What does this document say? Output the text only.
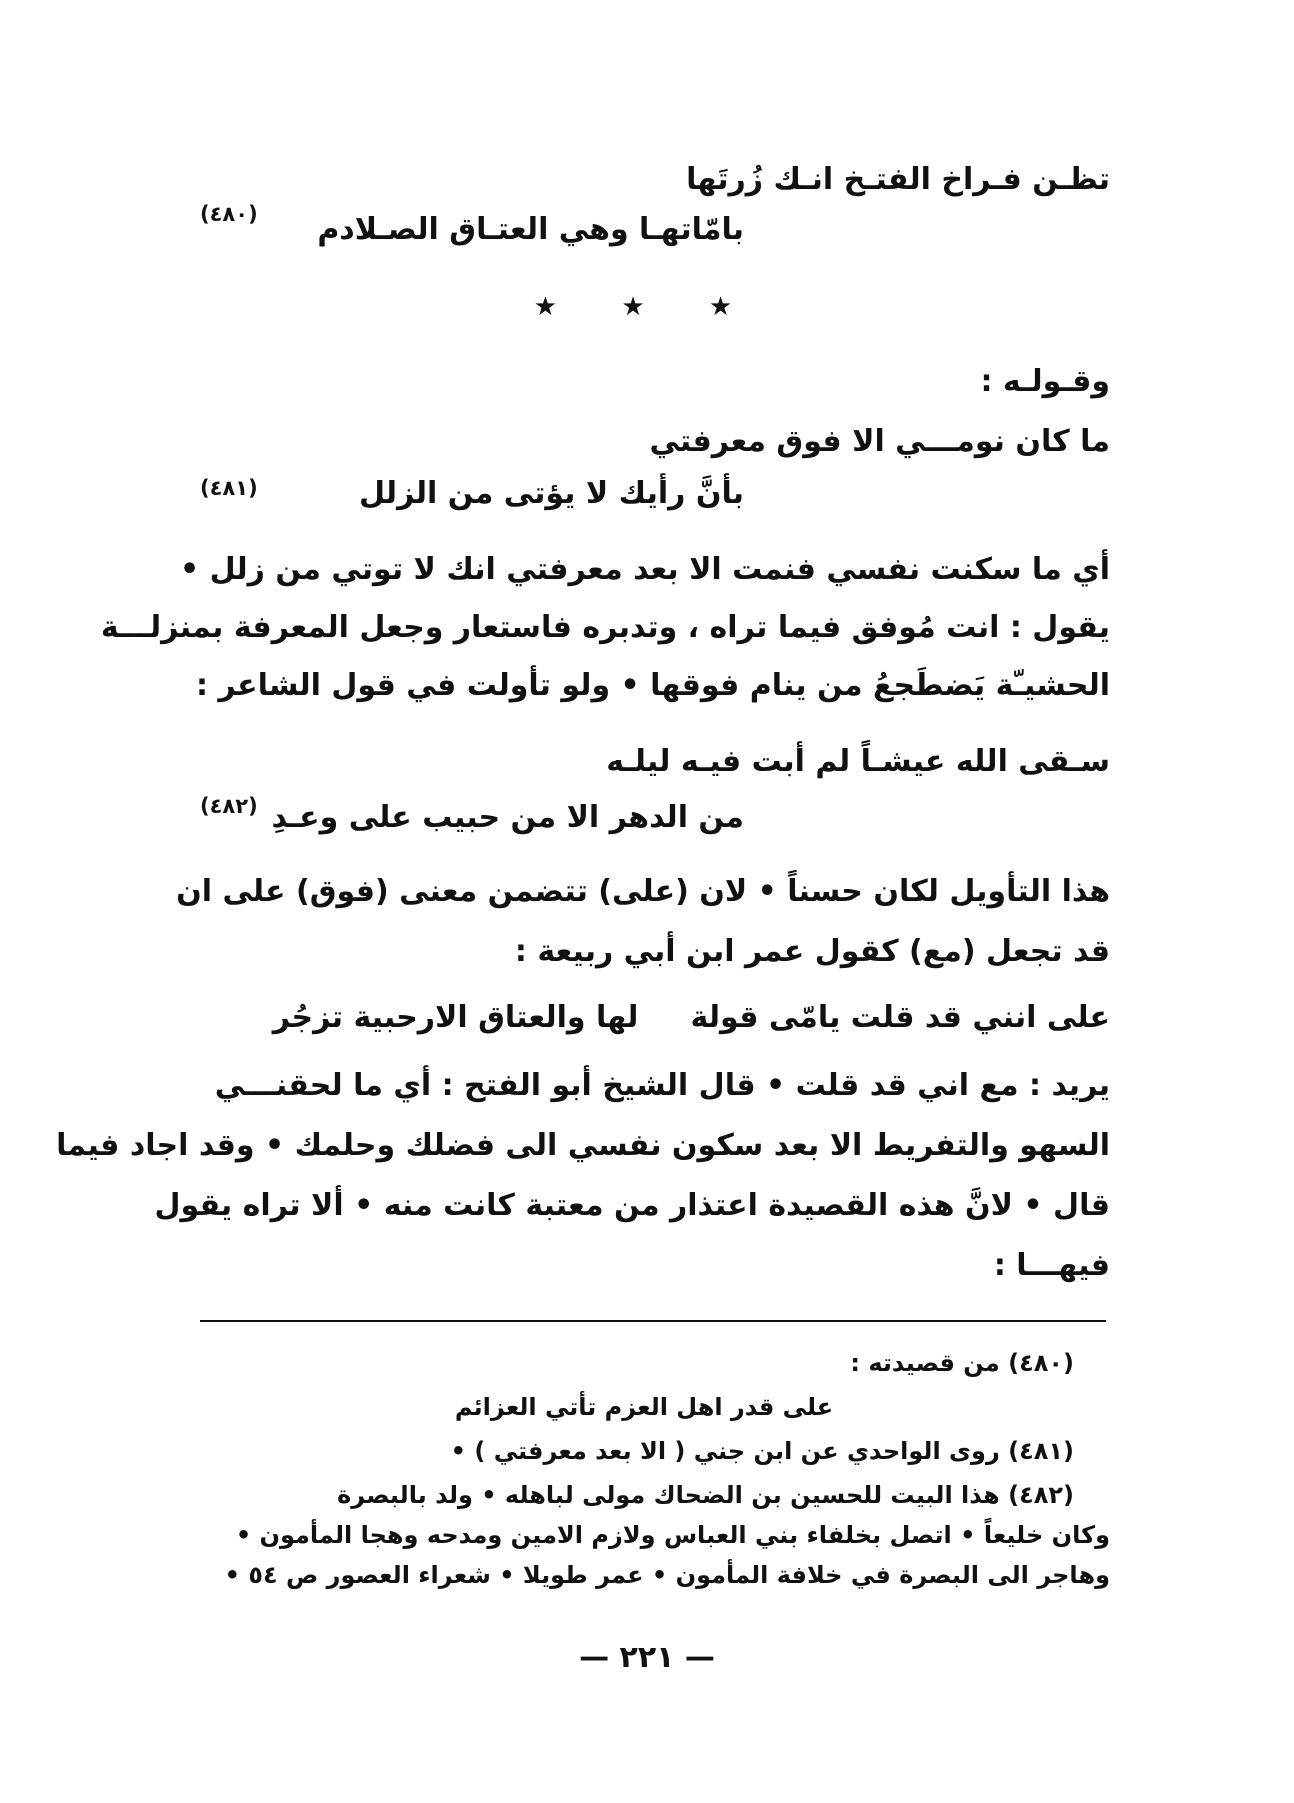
تظـن فـراخ الفتـخ انـك زُرتَها
بامّاتهـا وهي العتـاق الصـلادم
(٤٨٠)
★ ★ ★
وقـولـه :
ما كان نومـــي الا فوق معرفتي
بأنَّ رأيك لا يؤتى من الزلل
(٤٨١)
أي ما سكنت نفسي فنمت الا بعد معرفتي انك لا توتي من زلل •
يقول : انت مُوفق فيما تراه ، وتدبره فاستعار وجعل المعرفة بمنزلـــة
الحشيـّة يَضطَجعُ من ينام فوقها • ولو تأولت في قول الشاعر :
سـقى الله عيشـاً لم أبت فيـه ليلـه
من الدهر الا من حبيب على وعـدِ
(٤٨٢)
هذا التأويل لكان حسناً • لان (على) تتضمن معنى (فوق) على ان
قد تجعل (مع) كقول عمر ابن أبي ربيعة :
على انني قد قلت يامّى قولة     لها والعتاق الارحبية تزجُر
يريد : مع اني قد قلت • قال الشيخ أبو الفتح : أي ما لحقنـــي
السهو والتفريط الا بعد سكون نفسي الى فضلك وحلمك • وقد اجاد فيما
قال • لانَّ هذه القصيدة اعتذار من معتبة كانت منه • ألا تراه يقول
فيهـــا :
(٤٨٠) من قصيدته :
على قدر اهل العزم تأتي العزائم
(٤٨١) روى الواحدي عن ابن جني ( الا بعد معرفتي ) •
(٤٨٢) هذا البيت للحسين بن الضحاك مولى لباهله • ولد بالبصرة
وكان خليعاً • اتصل بخلفاء بني العباس ولازم الامين ومدحه وهجا المأمون •
وهاجر الى البصرة في خلافة المأمون • عمر طويلا • شعراء العصور ص ٥٤ •
— ٢٢١ —
